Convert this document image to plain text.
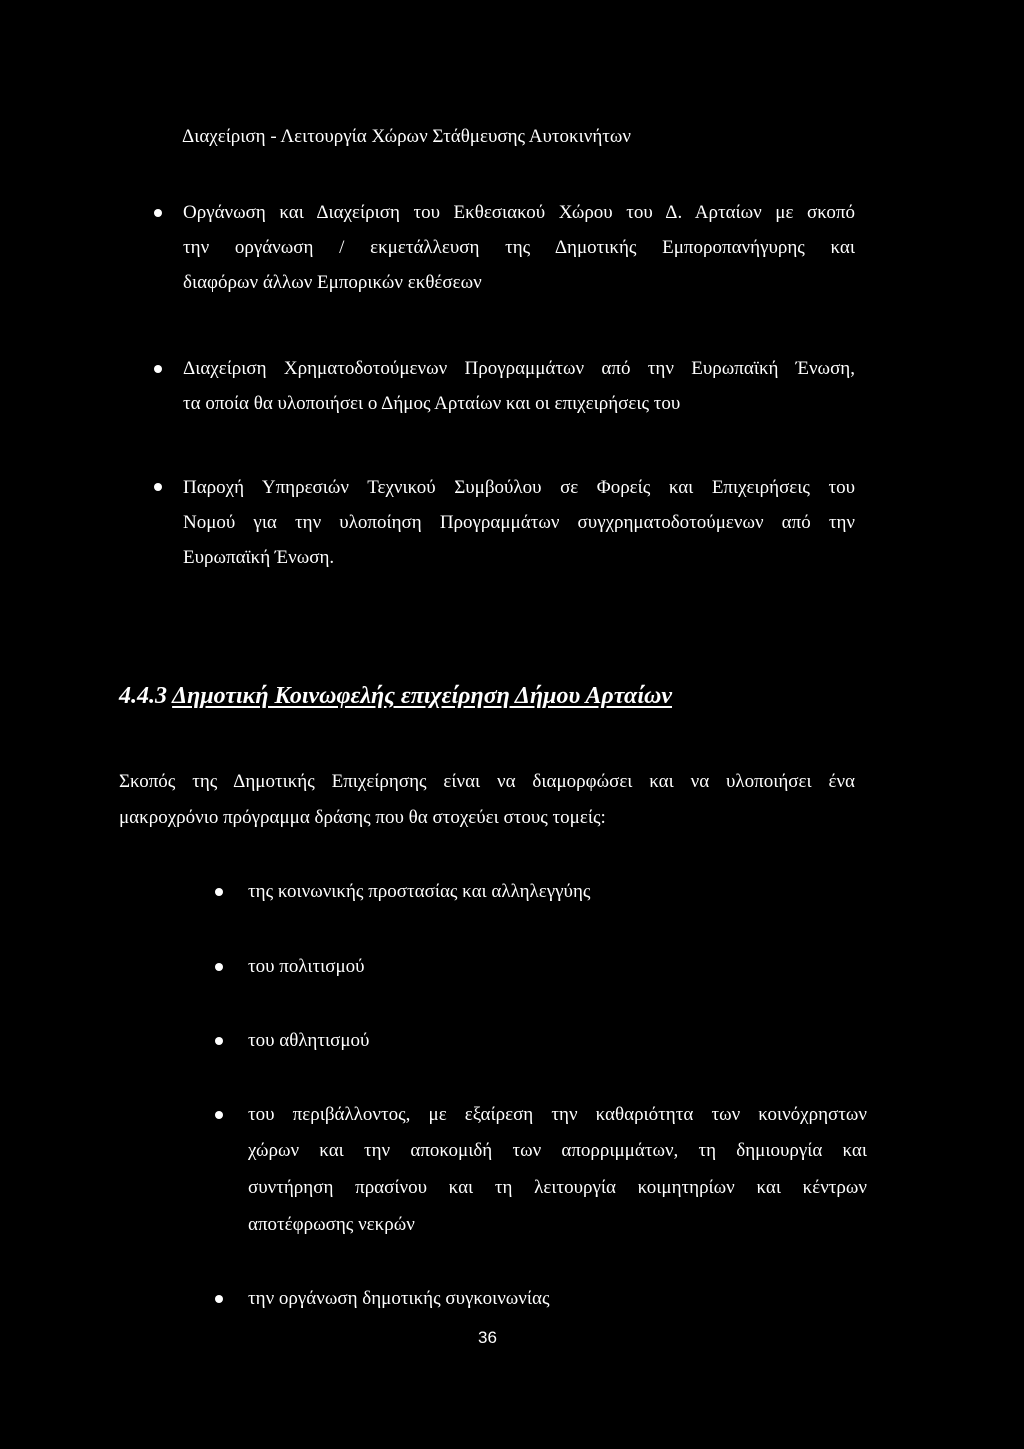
Διαχείριση - Λειτουργία Χώρων Στάθμευσης Αυτοκινήτων
Οργάνωση και Διαχείριση του Εκθεσιακού Χώρου του Δ. Αρταίων με σκοπό
την οργάνωση / εκμετάλλευση της Δημοτικής Εμποροπανήγυρης και
διαφόρων άλλων Εμπορικών εκθέσεων
Διαχείριση Χρηματοδοτούμενων Προγραμμάτων από την Ευρωπαϊκή Ένωση,
τα οποία θα υλοποιήσει ο Δήμος Αρταίων και οι επιχειρήσεις του
Παροχή Υπηρεσιών Τεχνικού Συμβούλου σε Φορείς και Επιχειρήσεις του
Νομού για την υλοποίηση Προγραμμάτων συγχρηματοδοτούμενων από την
Ευρωπαϊκή Ένωση.
4.4.3 Δημοτική Κοινωφελής επιχείρηση Δήμου Αρταίων
Σκοπός της Δημοτικής Επιχείρησης είναι να διαμορφώσει και να υλοποιήσει ένα
μακροχρόνιο πρόγραμμα δράσης που θα στοχεύει στους τομείς:
της κοινωνικής προστασίας και αλληλεγγύης
του πολιτισμού
του αθλητισμού
του περιβάλλοντος, με εξαίρεση την καθαριότητα των κοινόχρηστων
χώρων και την αποκομιδή των απορριμμάτων, τη δημιουργία και
συντήρηση πρασίνου και τη λειτουργία κοιμητηρίων και κέντρων
αποτέφρωσης νεκρών
την οργάνωση δημοτικής συγκοινωνίας
36
